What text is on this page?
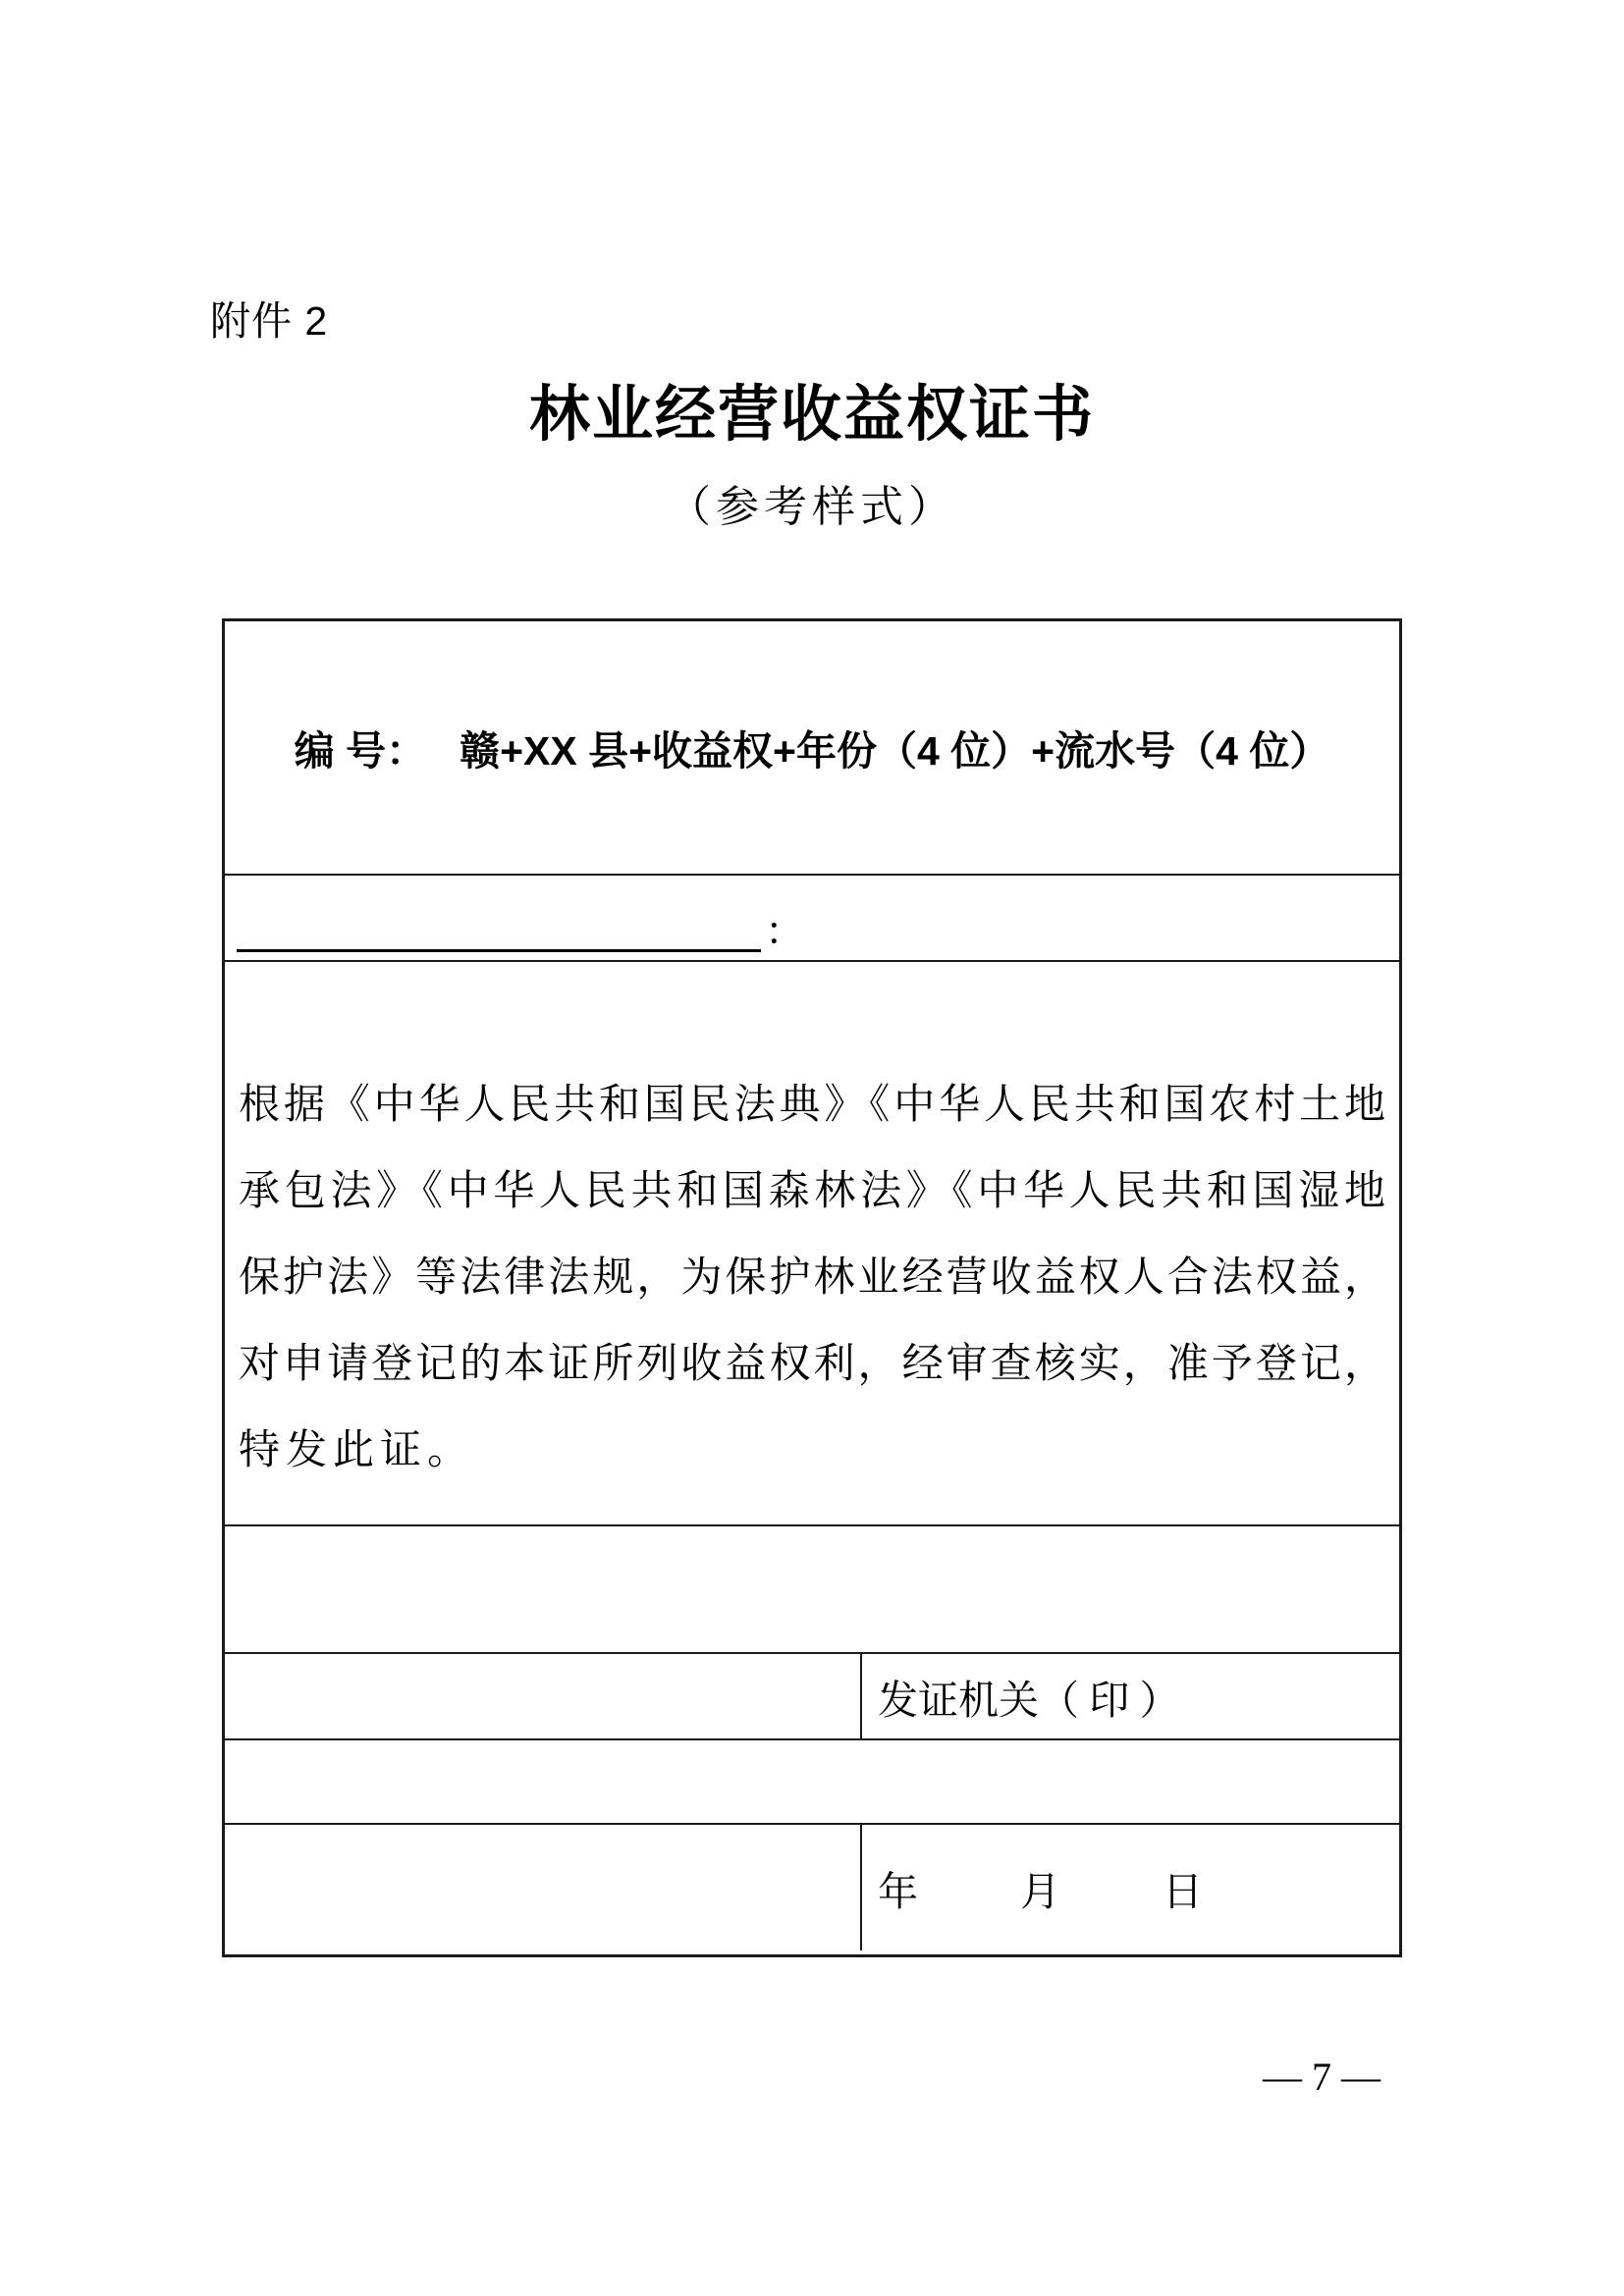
附件 2
林业经营收益权证书
（参考样式）
编 号： 赣+XX 县+收益权+年份（4 位）+流水号（4 位）
：
根据《中华人民共和国民法典》《中华人民共和国农村土地
承包法》《中华人民共和国森林法》《中华人民共和国湿地
保护法》等法律法规，为保护林业经营收益权人合法权益，
对申请登记的本证所列收益权利，经审查核实，准予登记，
特发此证。
发证机关（ 印 ）
年	月	日
— 7 —
